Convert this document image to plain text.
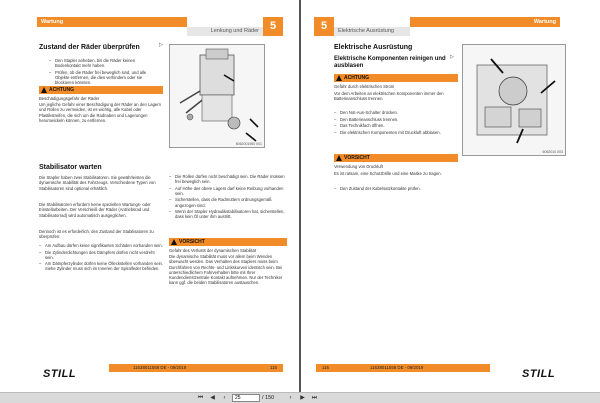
Wartung	5
Lenkung und Räder
Zustand der Räder überprüfen	▷
– Den Stapler anheben, bis die Räder keinen Bodenkontakt mehr haben.
– Prüfen, ob die Räder frei beweglich sind, und alle Objekte entfernen, die dies verhindern oder sie blockieren könnten.
ACHTUNG
Beschädigungsgefahr der Räder
Um jegliche Gefahr einer Beschädigung der Räder an den Lagern und Rollen zu vermeiden, ist es wichtig, alle Kabel oder Plastikstreifen, die sich um die Radnaben und Lagerungen herumwickeln können, zu entfernen.
6062001950 001
Stabilisator warten
Die Stapler haben zwei Stabilisatoren. Sie gewährleisten die dynamische Stabilität des Fahrzeugs. Verschiedene Typen von Stabilisatoren sind optional erhältlich.
Die Stabilisatoren erfordern keine speziellen Wartungs- oder Einstellarbeiten. Der Verschleiß der Räder (Antriebsrad und Stabilisatorrad) wird automatisch ausgeglichen.
Dennoch ist es erforderlich, den Zustand der Stabilisatoren zu überprüfen:
– Am Aufbau dürfen keine signifikanten Schäden vorhanden sein.
– Die Zylinderdichtungen des Dämpfers dürfen nicht verdreht sein.
– Am Dämpferzylinder dürfen keine Ölleckstellen vorhanden sein. Siehe Zylinder muss sich im Inneren der Spiralfeder befinden.
– Die Rollen dürfen nicht beschädigt sein. Die Räder müssen frei beweglich sein.
– Auf Höhe des obere Lagers darf keine Reibung vorhanden sein.
– Sicherstellen, dass die Radmuttern ordnungsgemäß angezogen sind.
– Wenn der Stapler Hydraulikstabilisatoren hat, sicherstellen, dass kein Öl unter ihm austritt.
VORSICHT
Gefahr des Verlusts der dynamischen Stabilität
Die dynamische Stabilität muss vor allem beim Wenden überwacht werden. Das Verhalten des Staplers muss beim Durchfahren von Rechts- und Linkskurven identisch sein. Bei unterschiedlichem Fahrverhalten bitte mit Ihrer Kundendienstzentrale Kontakt aufnehmen. Nur der Techniker kann ggf. die beiden Stabilisatoren austauschen.
STILL
11638011558 DE - 09/2019	115
5	Elektrische Ausrüstung
Wartung
Elektrische Ausrüstung
Elektrische Komponenten reinigen und ausblasen
▷
ACHTUNG
Gefahr durch elektrischen Strom
Vor dem Arbeiten an elektrischen Komponenten immer den Batterieanschluss trennen.
– Den Not-Aus-Schalter drücken.
– Den Batterieanschluss trennen.
– Das Technikfach öffnen.
– Die elektrischen Komponenten mit Druckluft abblasen.
VORSICHT
Verwendung von Druckluft
Es ist ratsam, eine Schutzbrille und eine Maske zu tragen.
– Den Zustand der Kabelsatzkontakte prüfen.
6062010 003
116	11638011558 DE - 09/2019
STILL
⏮	◀	‹
25	/ 150	›	▶	⏭
